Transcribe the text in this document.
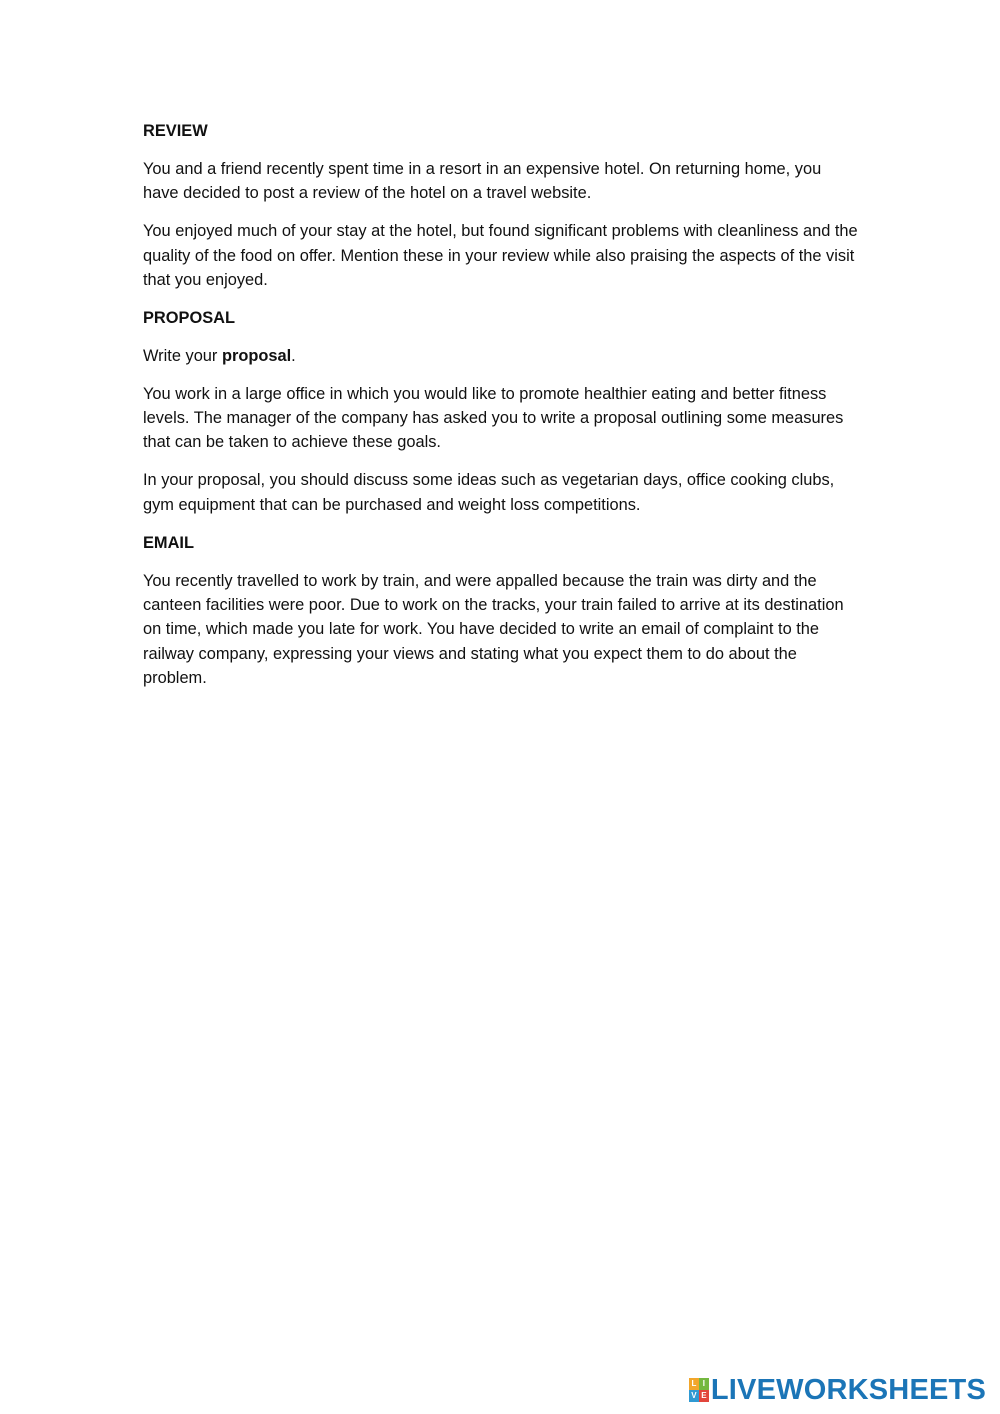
REVIEW

You and a friend recently spent time in a resort in an expensive hotel. On returning home, you have decided to post a review of the hotel on a travel website.

You enjoyed much of your stay at the hotel, but found significant problems with cleanliness and the quality of the food on offer. Mention these in your review while also praising the aspects of the visit that you enjoyed.

PROPOSAL

Write your proposal.

You work in a large office in which you would like to promote healthier eating and better fitness levels. The manager of the company has asked you to write a proposal outlining some measures that can be taken to achieve these goals.

In your proposal, you should discuss some ideas such as vegetarian days, office cooking clubs, gym equipment that can be purchased and weight loss competitions.

EMAIL

You recently travelled to work by train, and were appalled because the train was dirty and the canteen facilities were poor. Due to work on the tracks, your train failed to arrive at its destination on time, which made you late for work. You have decided to write an email of complaint to the railway company, expressing your views and stating what you expect them to do about the problem.

L I
V E LIVEWORKSHEETS
